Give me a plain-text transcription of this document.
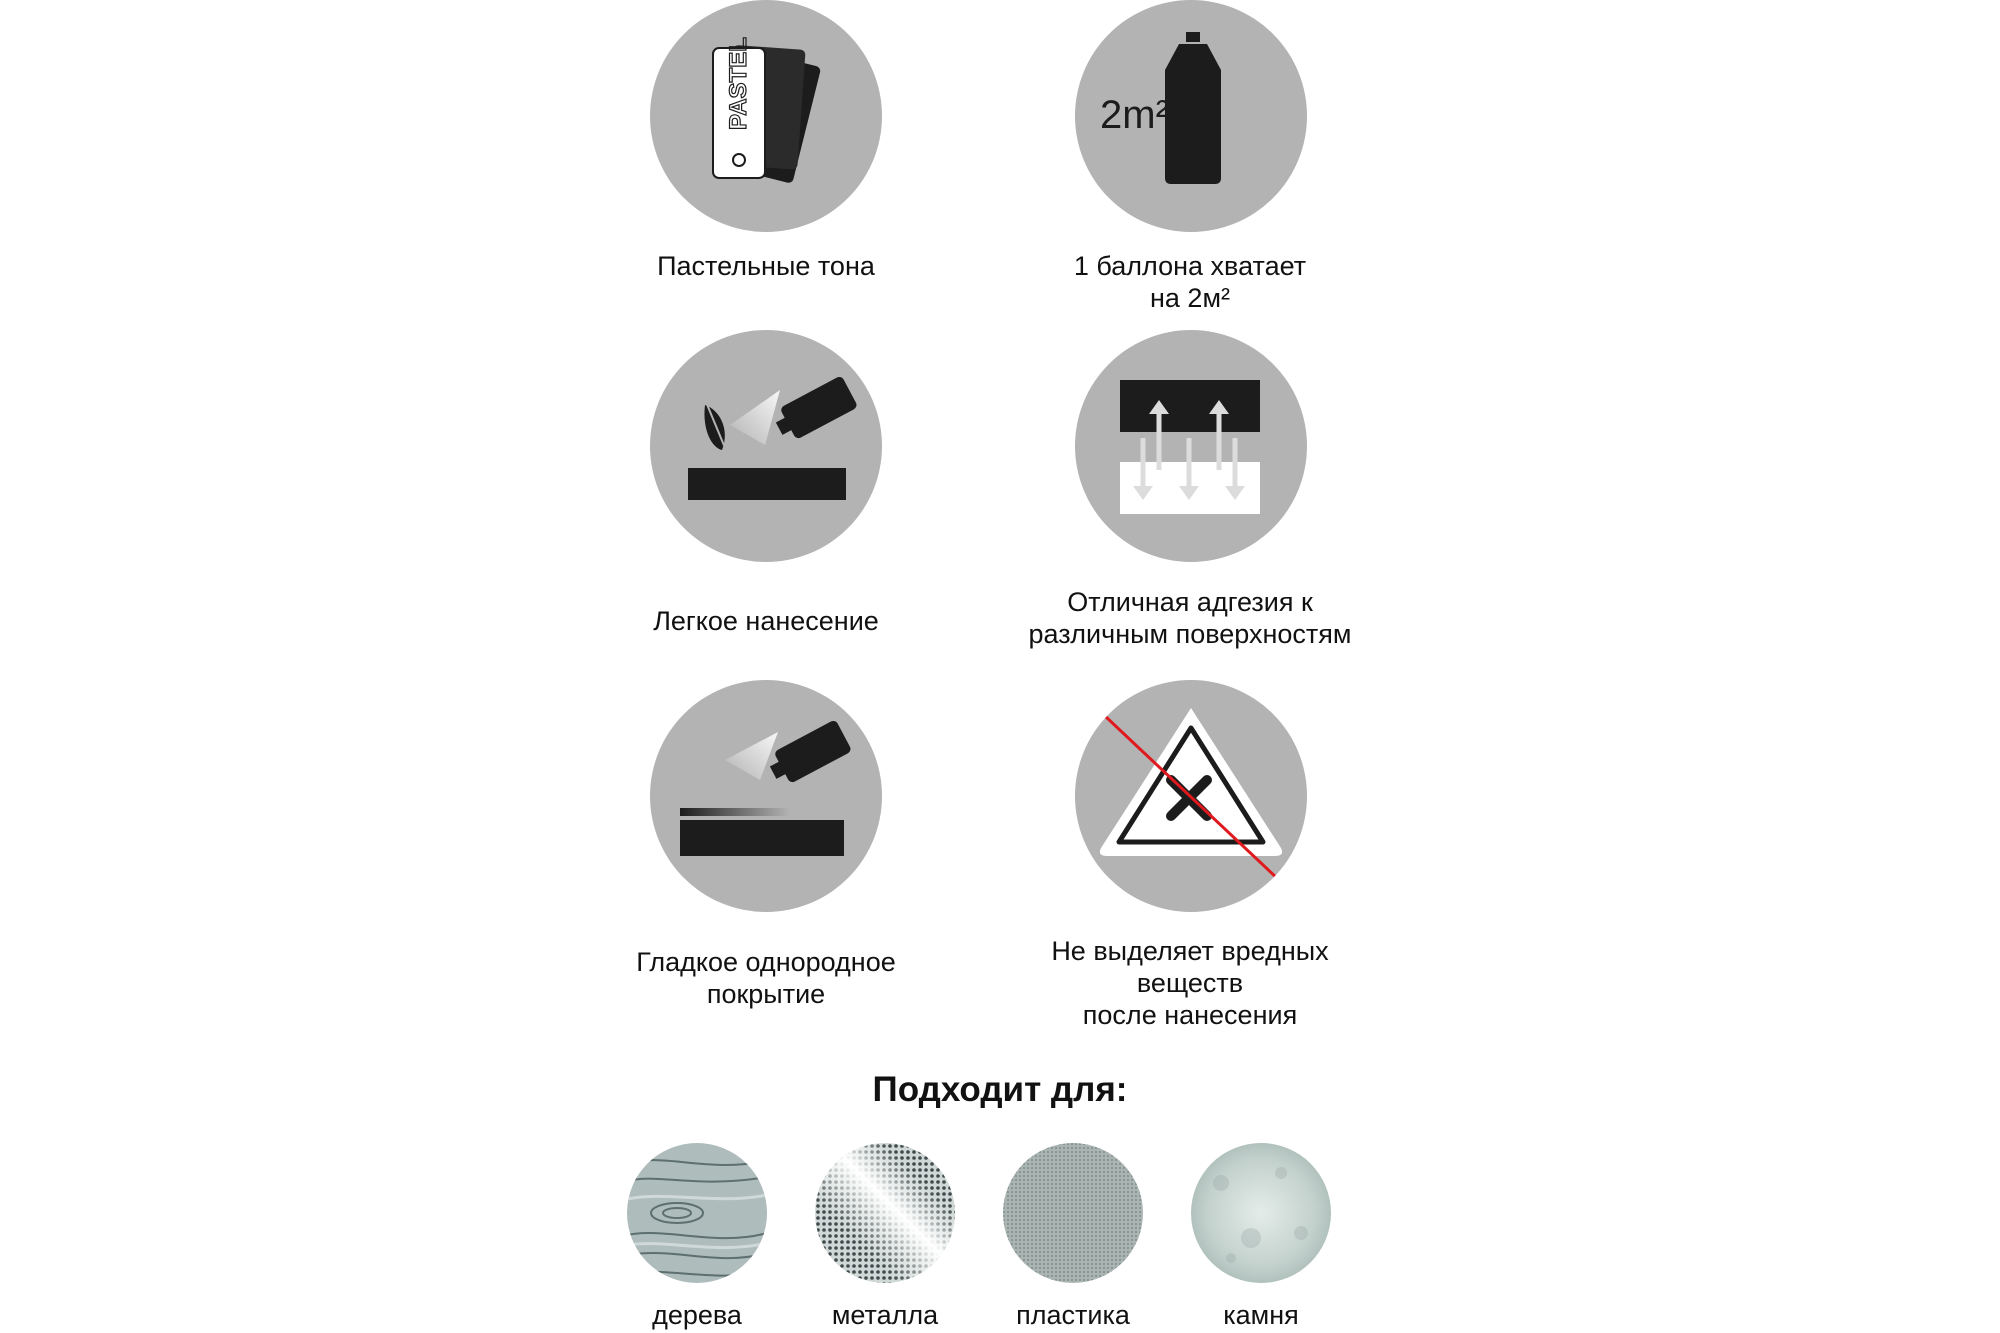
PASTEL
Пастельные тона
2m²
1 баллона хватает
на 2м²
Легкое нанесение
Отличная адгезия к
различным поверхностям
Гладкое однородное
покрытие
Не выделяет вредных
веществ
после нанесения
Подходит для:
дерева	металла	пластика	камня
